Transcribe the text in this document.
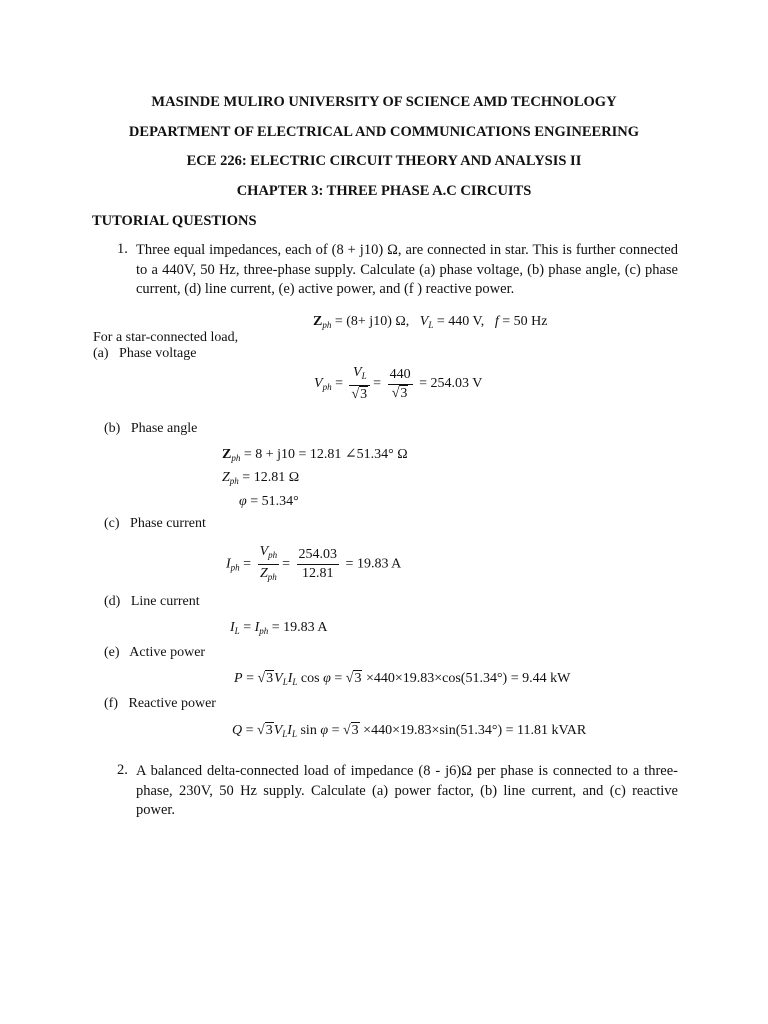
MASINDE MULIRO UNIVERSITY OF SCIENCE AMD TECHNOLOGY
DEPARTMENT OF ELECTRICAL AND COMMUNICATIONS ENGINEERING
ECE 226: ELECTRIC CIRCUIT THEORY AND ANALYSIS II
CHAPTER 3: THREE PHASE A.C CIRCUITS
TUTORIAL QUESTIONS
1. Three equal impedances, each of (8 + j10) Ω, are connected in star. This is further connected to a 440V, 50 Hz, three-phase supply. Calculate (a) phase voltage, (b) phase angle, (c) phase current, (d) line current, (e) active power, and (f ) reactive power.
$Z_{ph} = (8+ j10)$ Ω, $V_L = 440$ V, f = 50 Hz
For a star-connected load,
(a) Phase voltage
$V_{ph} = \frac{V_L}{√3} = \frac{440}{√3} = 254.03$ V
(b) Phase angle
$Z_{ph} = 8 + j10 = 12.81$ ∠51.34° Ω
$Z_{ph} = 12.81$ Ω
φ = 51.34°
(c) Phase current
$I_{ph} = \frac{V_{ph}}{Z_{ph}} = \frac{254.03}{12.81} = 19.83$ A
(d) Line current
$I_L = I_{ph} = 19.83$ A
(e) Active power
$P = √3V_LI_L$ cos φ = √3 ×440×19.83×cos(51.34°) = 9.44 kW
(f) Reactive power
$Q = √3V_LI_L$ sin φ = √3 ×440×19.83×sin(51.34°) = 11.81 kVAR
2. A balanced delta-connected load of impedance (8 - j6)Ω per phase is connected to a three-phase, 230V, 50 Hz supply. Calculate (a) power factor, (b) line current, and (c) reactive power.
